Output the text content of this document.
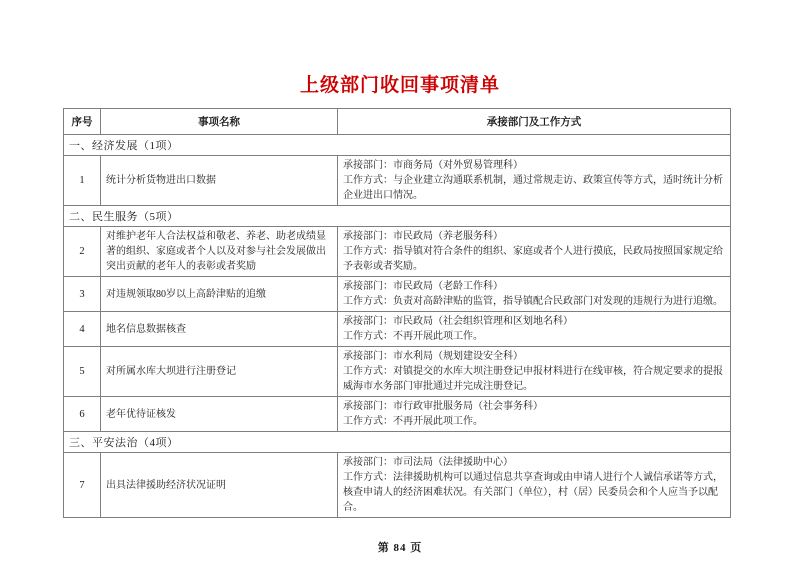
上级部门收回事项清单
序号	事项名称	承接部门及工作方式
一、经济发展（1项）		
1	统计分析货物进出口数据	承接部门：市商务局（对外贸易管理科）
工作方式：与企业建立沟通联系机制，通过常规走访、政策宣传等方式，适时统计分析企业进出口情况。

二、民生服务（5项）		
2	对维护老年人合法权益和敬老、养老、助老成绩显著的组织、家庭或者个人以及对参与社会发展做出突出贡献的老年人的表彰或者奖励	承接部门：市民政局（养老服务科）
工作方式：指导镇对符合条件的组织、家庭或者个人进行摸底，民政局按照国家规定给予表彰或者奖励。

3	对违规领取80岁以上高龄津贴的追缴	承接部门：市民政局（老龄工作科）
工作方式：负责对高龄津贴的监管，指导镇配合民政部门对发现的违规行为进行追缴。

4	地名信息数据核查	承接部门：市民政局（社会组织管理和区划地名科）
工作方式：不再开展此项工作。

5	对所属水库大坝进行注册登记	承接部门：市水利局（规划建设安全科）
工作方式：对镇提交的水库大坝注册登记申报材料进行在线审核，符合规定要求的提报威海市水务部门审批通过并完成注册登记。

6	老年优待证核发	承接部门：市行政审批服务局（社会事务科）
工作方式：不再开展此项工作。

三、平安法治（4项）		
7	出具法律援助经济状况证明	承接部门：市司法局（法律援助中心）
工作方式：法律援助机构可以通过信息共享查询或由申请人进行个人诚信承诺等方式，核查申请人的经济困难状况。有关部门（单位），村（居）民委员会和个人应当予以配合。
第 84 页
